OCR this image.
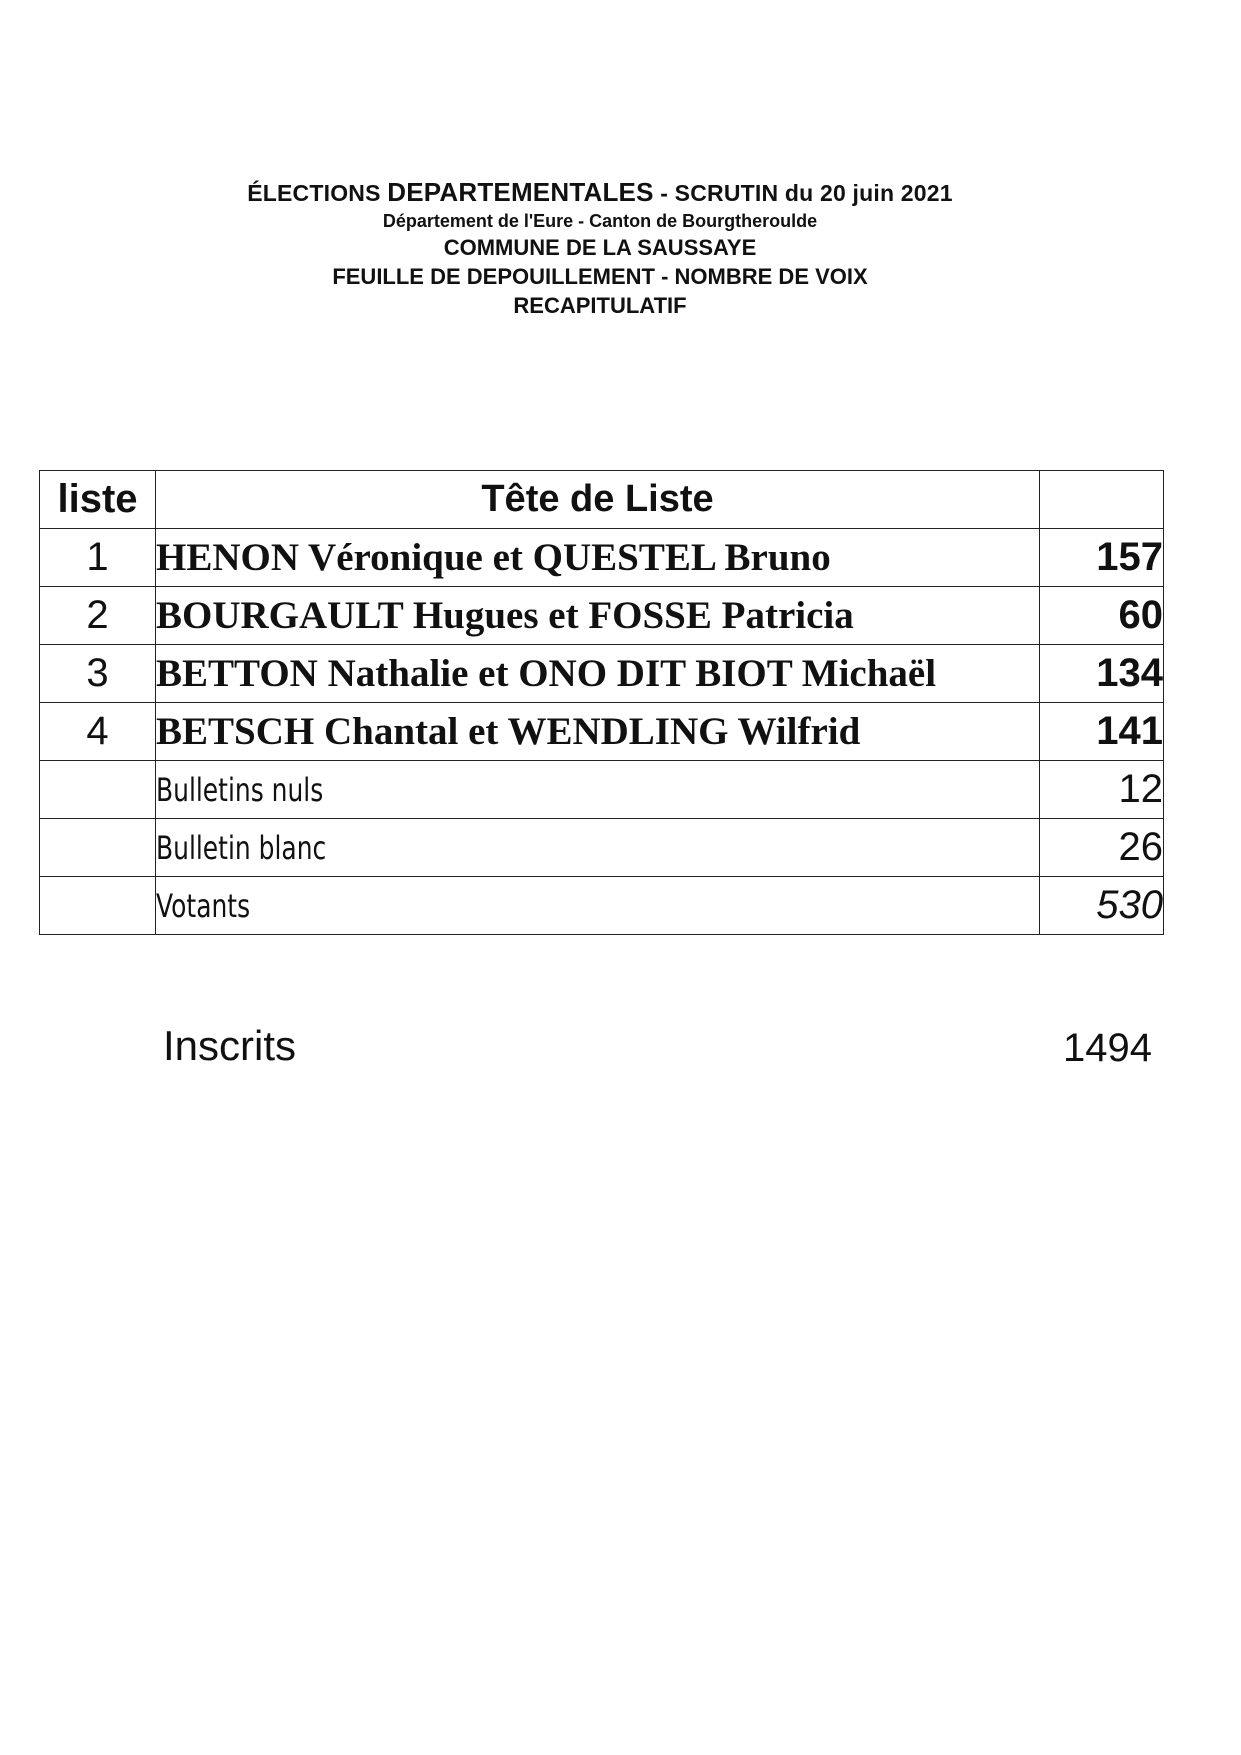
ÉLECTIONS DEPARTEMENTALES - SCRUTIN du 20 juin 2021
Département de l'Eure - Canton de Bourgtheroulde
COMMUNE DE LA SAUSSAYE
FEUILLE DE DEPOUILLEMENT - NOMBRE DE VOIX
RECAPITULATIF
liste	Tête de Liste	
1	HENON Véronique et QUESTEL Bruno	157
2	BOURGAULT Hugues et FOSSE Patricia	60
3	BETTON Nathalie et ONO DIT BIOT Michaël	134
4	BETSCH Chantal et WENDLING Wilfrid	141
	Bulletins nuls	12
	Bulletin blanc	26
	Votants	530
Inscrits	1494
